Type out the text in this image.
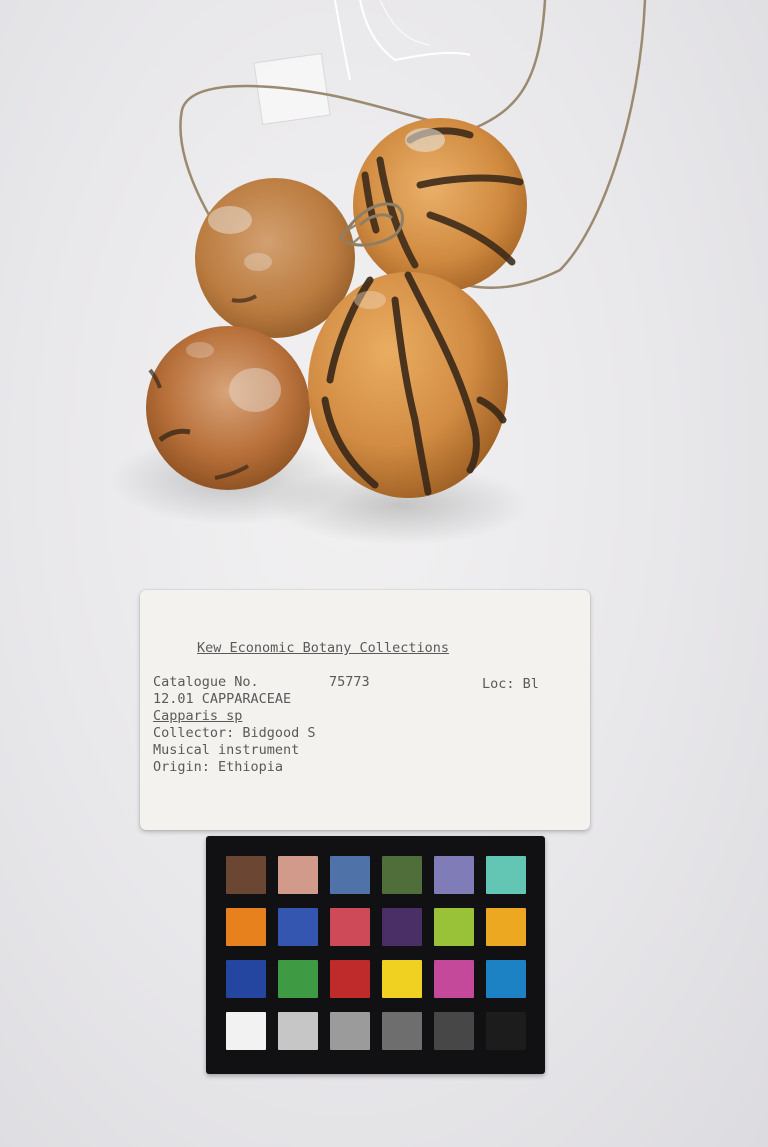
Kew Economic Botany Collections
Catalogue No.	75773	Loc: Bl
12.01 CAPPARACEAE
Capparis sp
Collector: Bidgood S
Musical instrument
Origin: Ethiopia
